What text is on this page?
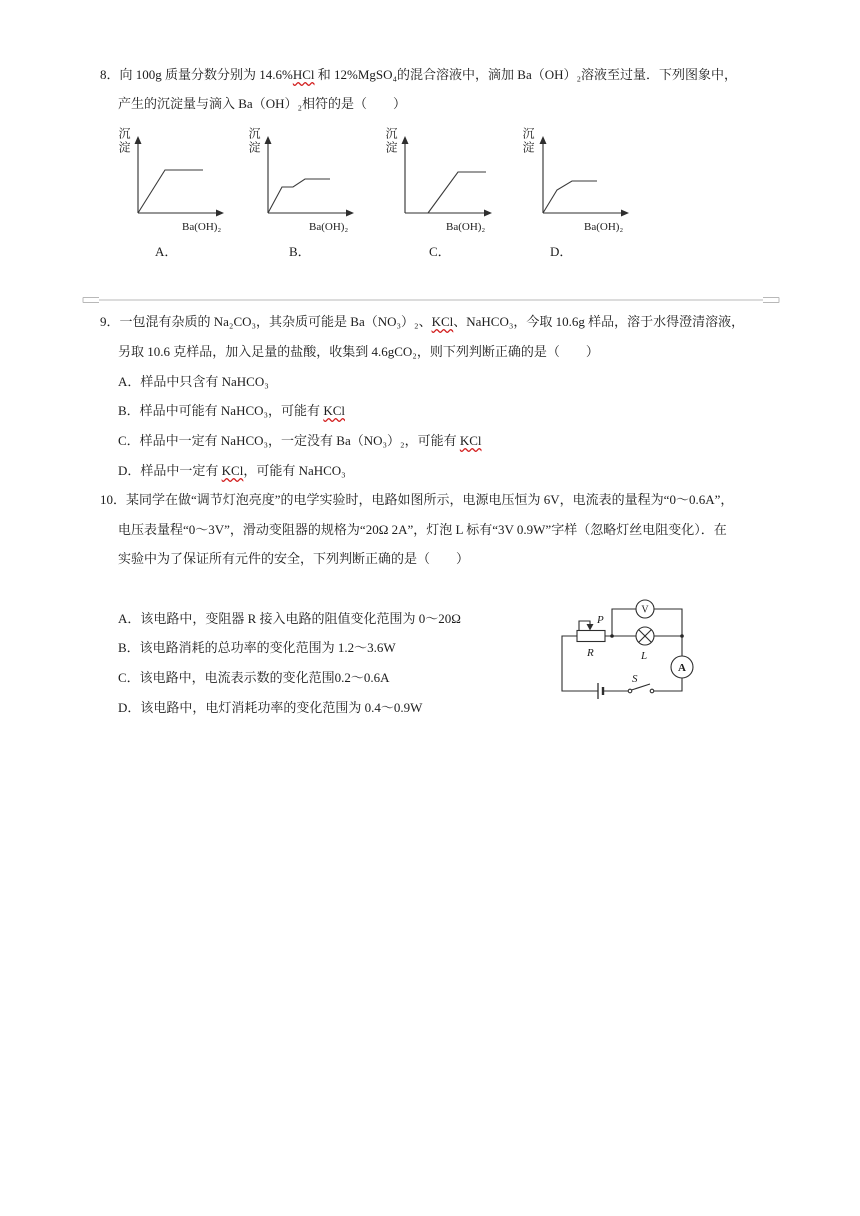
8．向 100g 质量分数分别为 14.6%HCl 和 12%MgSO₄的混合溶液中，滴加 Ba（OH）₂溶液至过量．下列图象中，
产生的沉淀量与滴入 Ba（OH）₂相符的是（　　）
沉淀	沉淀	沉淀	沉淀
Ba(OH)₂	Ba(OH)₂	Ba(OH)₂	Ba(OH)₂
A．	B．	C．	D．
9．一包混有杂质的 Na₂CO₃，其杂质可能是 Ba（NO₃）₂、KCl、NaHCO₃，今取 10.6g 样品，溶于水得澄清溶液，
另取 10.6 克样品，加入足量的盐酸，收集到 4.6gCO₂，则下列判断正确的是（　　）
A．样品中只含有 NaHCO₃
B．样品中可能有 NaHCO₃，可能有 KCl
C．样品中一定有 NaHCO₃，一定没有 Ba（NO₃）₂，可能有 KCl
D．样品中一定有 KCl，可能有 NaHCO₃
10．某同学在做“调节灯泡亮度”的电学实验时，电路如图所示，电源电压恒为 6V，电流表的量程为“0～0.6A”，
电压表量程“0～3V”，滑动变阻器的规格为“20Ω 2A”，灯泡 L 标有“3V 0.9W”字样（忽略灯丝电阻变化）．在
实验中为了保证所有元件的安全，下列判断正确的是（　　）
A．该电路中，变阻器 R 接入电路的阻值变化范围为 0～20Ω
B．该电路消耗的总功率的变化范围为 1.2～3.6W
C．该电路中，电流表示数的变化范围0.2～0.6A
D．该电路中，电灯消耗功率的变化范围为 0.4～0.9W
P
R	L
V
A
S
